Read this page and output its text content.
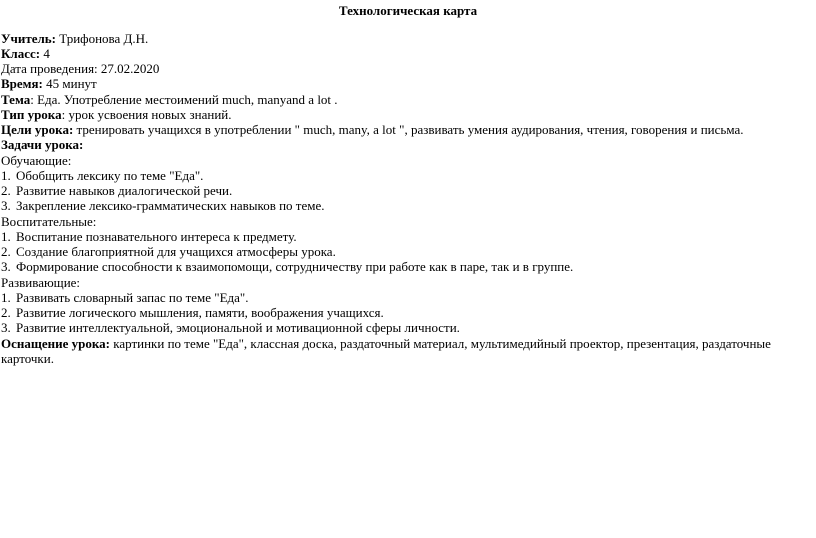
Технологическая карта
Учитель: Трифонова Д.Н.
Класс: 4
Дата проведения: 27.02.2020
Время: 45 минут
Тема: Еда. Употребление местоимений much, manyand a lot .
Тип урока: урок усвоения новых знаний.
Цели урока: тренировать учащихся в употреблении " much, many, a lot ", развивать умения аудирования, чтения, говорения и письма.
Задачи урока:
Обучающие:
1. Обобщить лексику по теме "Еда".
2. Развитие навыков диалогической речи.
3. Закрепление лексико-грамматических навыков по теме.
Воспитательные:
1. Воспитание познавательного интереса к предмету.
2. Создание благоприятной для учащихся атмосферы урока.
3. Формирование способности к взаимопомощи, сотрудничеству при работе как в паре, так и в группе.
Развивающие:
1. Развивать словарный запас по теме "Еда".
2. Развитие логического мышления, памяти, воображения учащихся.
3. Развитие интеллектуальной, эмоциональной и мотивационной сферы личности.
Оснащение урока: картинки по теме "Еда", классная доска, раздаточный материал, мультимедийный проектор, презентация, раздаточные карточки.
